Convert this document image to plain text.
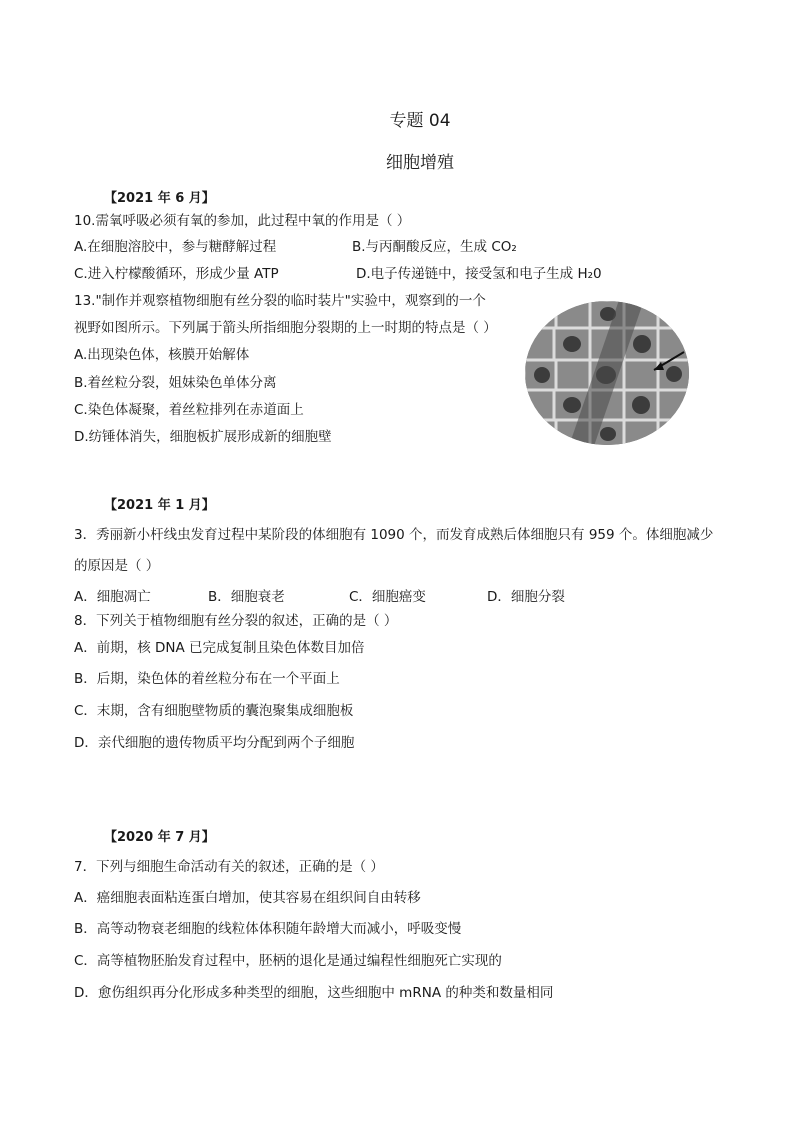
专题 04
细胞增殖
【2021 年 6 月】
10.需氧呼吸必须有氧的参加，此过程中氧的作用是（ ）
A.在细胞溶胶中，参与糖酵解过程	B.与丙酮酸反应，生成 CO₂
C.进入柠檬酸循环，形成少量 ATP	D.电子传递链中，接受氢和电子生成 H₂0
13."制作并观察植物细胞有丝分裂的临时装片"实验中，观察到的一个
视野如图所示。下列属于箭头所指细胞分裂期的上一时期的特点是（ ）
A.出现染色体，核膜开始解体
B.着丝粒分裂，姐妹染色单体分离
C.染色体凝聚，着丝粒排列在赤道面上
D.纺锤体消失，细胞板扩展形成新的细胞壁
【2021 年 1 月】
3．秀丽新小杆线虫发育过程中某阶段的体细胞有 1090 个，而发育成熟后体细胞只有 959 个。体细胞减少
的原因是（ ）
A．细胞凋亡	B．细胞衰老	C．细胞癌变	D．细胞分裂
8．下列关于植物细胞有丝分裂的叙述，正确的是（ ）
A．前期，核 DNA 已完成复制且染色体数目加倍
B．后期，染色体的着丝粒分布在一个平面上
C．末期，含有细胞壁物质的囊泡聚集成细胞板
D．亲代细胞的遗传物质平均分配到两个子细胞
【2020 年 7 月】
7．下列与细胞生命活动有关的叙述，正确的是（ ）
A．癌细胞表面粘连蛋白增加，使其容易在组织间自由转移
B．高等动物衰老细胞的线粒体体积随年龄增大而减小，呼吸变慢
C．高等植物胚胎发育过程中，胚柄的退化是通过编程性细胞死亡实现的
D．愈伤组织再分化形成多种类型的细胞，这些细胞中 mRNA 的种类和数量相同
